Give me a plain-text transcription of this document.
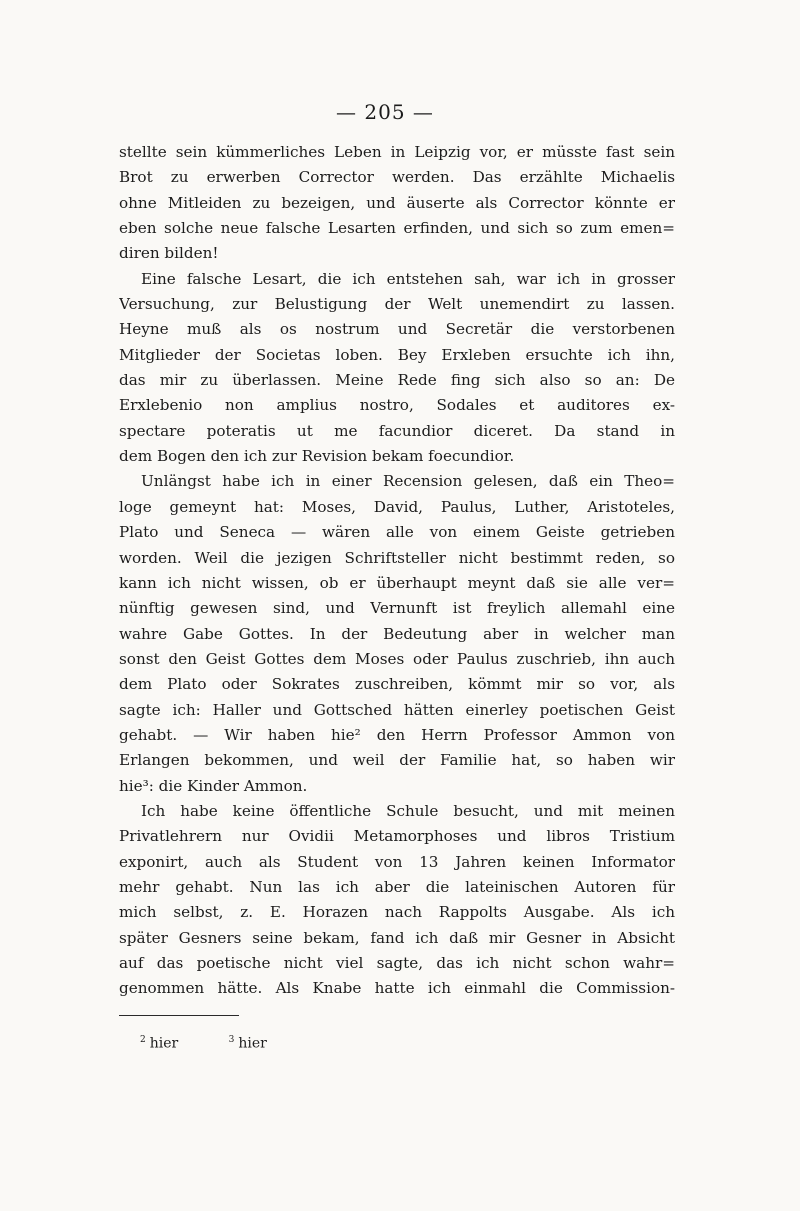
— 205 —
stellte sein kümmerliches Leben in Leipzig vor, er müsste fast sein
Brot zu erwerben Corrector werden. Das erzählte Michaelis
ohne Mitleiden zu bezeigen, und äuserte als Corrector könnte er
eben solche neue falsche Lesarten erfinden, und sich so zum emen=
diren bilden!
Eine falsche Lesart, die ich entstehen sah, war ich in grosser
Versuchung, zur Belustigung der Welt unemendirt zu lassen.
Heyne muß als os nostrum und Secretär die verstorbenen
Mitglieder der Societas loben. Bey Erxleben ersuchte ich ihn,
das mir zu überlassen. Meine Rede fing sich also so an: De
Erxlebenio non amplius nostro, Sodales et auditores ex-
spectare poteratis ut me facundior diceret. Da stand in
dem Bogen den ich zur Revision bekam foecundior.
Unlängst habe ich in einer Recension gelesen, daß ein Theo=
loge gemeynt hat: Moses, David, Paulus, Luther, Aristoteles,
Plato und Seneca — wären alle von einem Geiste getrieben
worden. Weil die jezigen Schriftsteller nicht bestimmt reden, so
kann ich nicht wissen, ob er überhaupt meynt daß sie alle ver=
nünftig gewesen sind, und Vernunft ist freylich allemahl eine
wahre Gabe Gottes. In der Bedeutung aber in welcher man
sonst den Geist Gottes dem Moses oder Paulus zuschrieb, ihn auch
dem Plato oder Sokrates zuschreiben, kömmt mir so vor, als
sagte ich: Haller und Gottsched hätten einerley poetischen Geist
gehabt. — Wir haben hie² den Herrn Professor Ammon von
Erlangen bekommen, und weil der Familie hat, so haben wir
hie³: die Kinder Ammon.
Ich habe keine öffentliche Schule besucht, und mit meinen
Privatlehrern nur Ovidii Metamorphoses und libros Tristium
exponirt, auch als Student von 13 Jahren keinen Informator
mehr gehabt. Nun las ich aber die lateinischen Autoren für
mich selbst, z. E. Horazen nach Rappolts Ausgabe. Als ich
später Gesners seine bekam, fand ich daß mir Gesner in Absicht
auf das poetische nicht viel sagte, das ich nicht schon wahr=
genommen hätte. Als Knabe hatte ich einmahl die Commission-
$^2$ hier	$^3$ hier
